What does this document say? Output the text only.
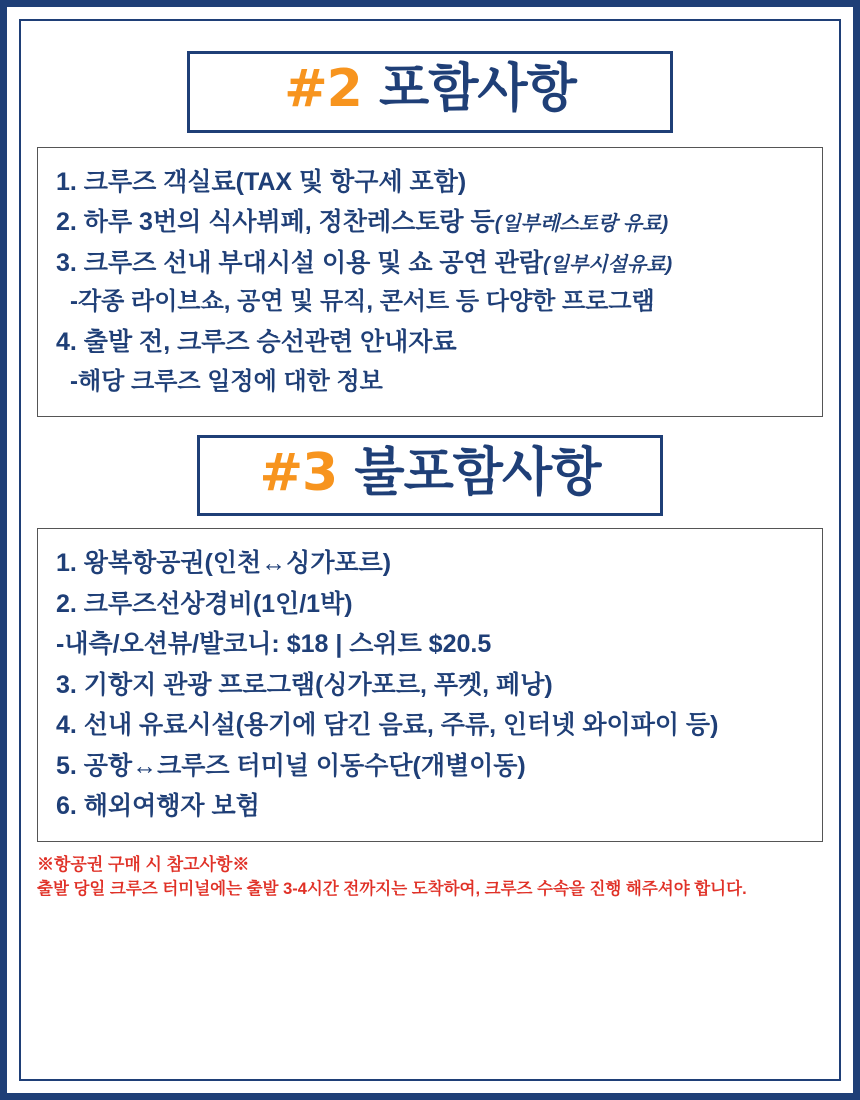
#2 포함사항
1. 크루즈 객실료(TAX 및 항구세 포함)
2. 하루 3번의 식사뷔페, 정찬레스토랑 등(일부레스토랑 유료)
3. 크루즈 선내 부대시설 이용 및 쇼 공연 관람(일부시설유료)
-각종 라이브쇼, 공연 및 뮤직, 콘서트 등 다양한 프로그램
4. 출발 전, 크루즈 승선관련 안내자료
-해당 크루즈 일정에 대한 정보
#3 불포함사항
1. 왕복항공권(인천↔싱가포르)
2. 크루즈선상경비(1인/1박)
-내측/오션뷰/발코니: $18 | 스위트 $20.5
3. 기항지 관광 프로그램(싱가포르, 푸켓, 페낭)
4. 선내 유료시설(용기에 담긴 음료, 주류, 인터넷 와이파이 등)
5. 공항↔크루즈 터미널 이동수단(개별이동)
6. 해외여행자 보험
※항공권 구매 시 참고사항※
출발 당일 크루즈 터미널에는 출발 3-4시간 전까지는 도착하여, 크루즈 수속을 진행 해주셔야 합니다.
